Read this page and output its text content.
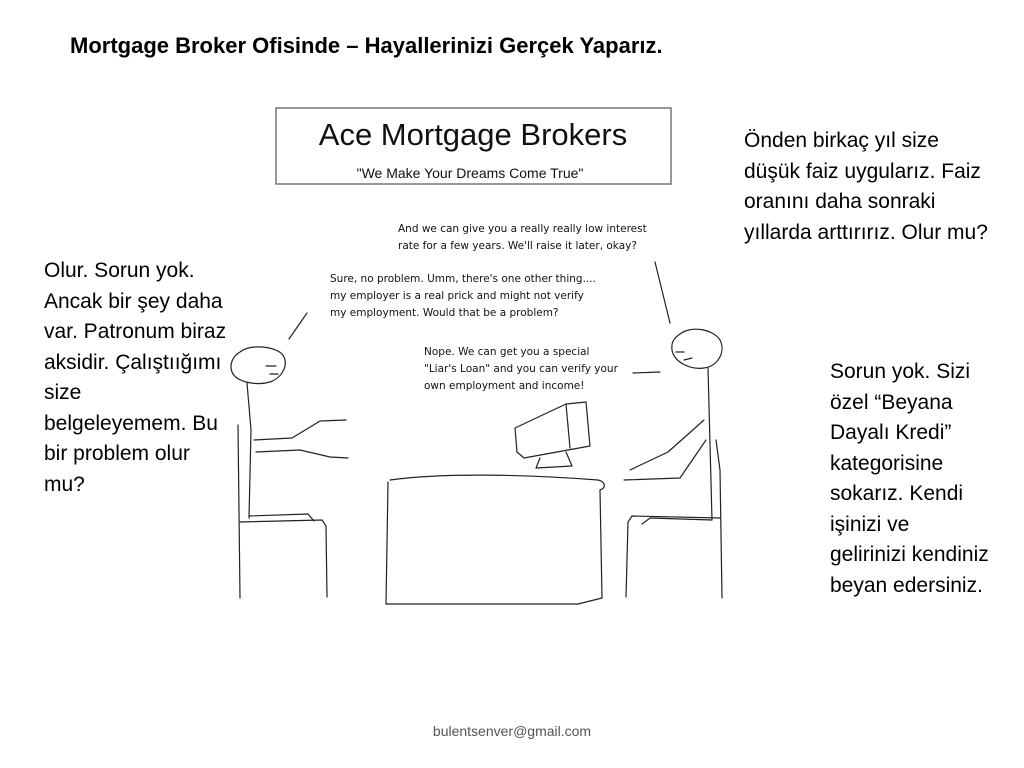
Mortgage Broker Ofisinde – Hayallerinizi Gerçek Yaparız.
Olur. Sorun yok. Ancak bir şey daha var. Patronum biraz aksidir. Çalıştıığımı size belgeleyemem. Bu bir problem olur mu?
Önden birkaç yıl size düşük faiz uygularız. Faiz oranını daha sonraki yıllarda arttırırız. Olur mu?
Sorun yok. Sizi özel “Beyana Dayalı Kredi” kategorisine sokarız. Kendi işinizi ve gelirinizi kendiniz beyan edersiniz.
Ace Mortgage Brokers
"We Make Your Dreams Come True"
And we can give you a really really low interest
rate for a few years. We'll raise it later, okay?
Sure, no problem. Umm, there's one other thing....
my employer is a real prick and might not verify
my employment. Would that be a problem?
Nope. We can get you a special
"Liar's Loan" and you can verify your
own employment and income!
bulentsenver@gmail.com
